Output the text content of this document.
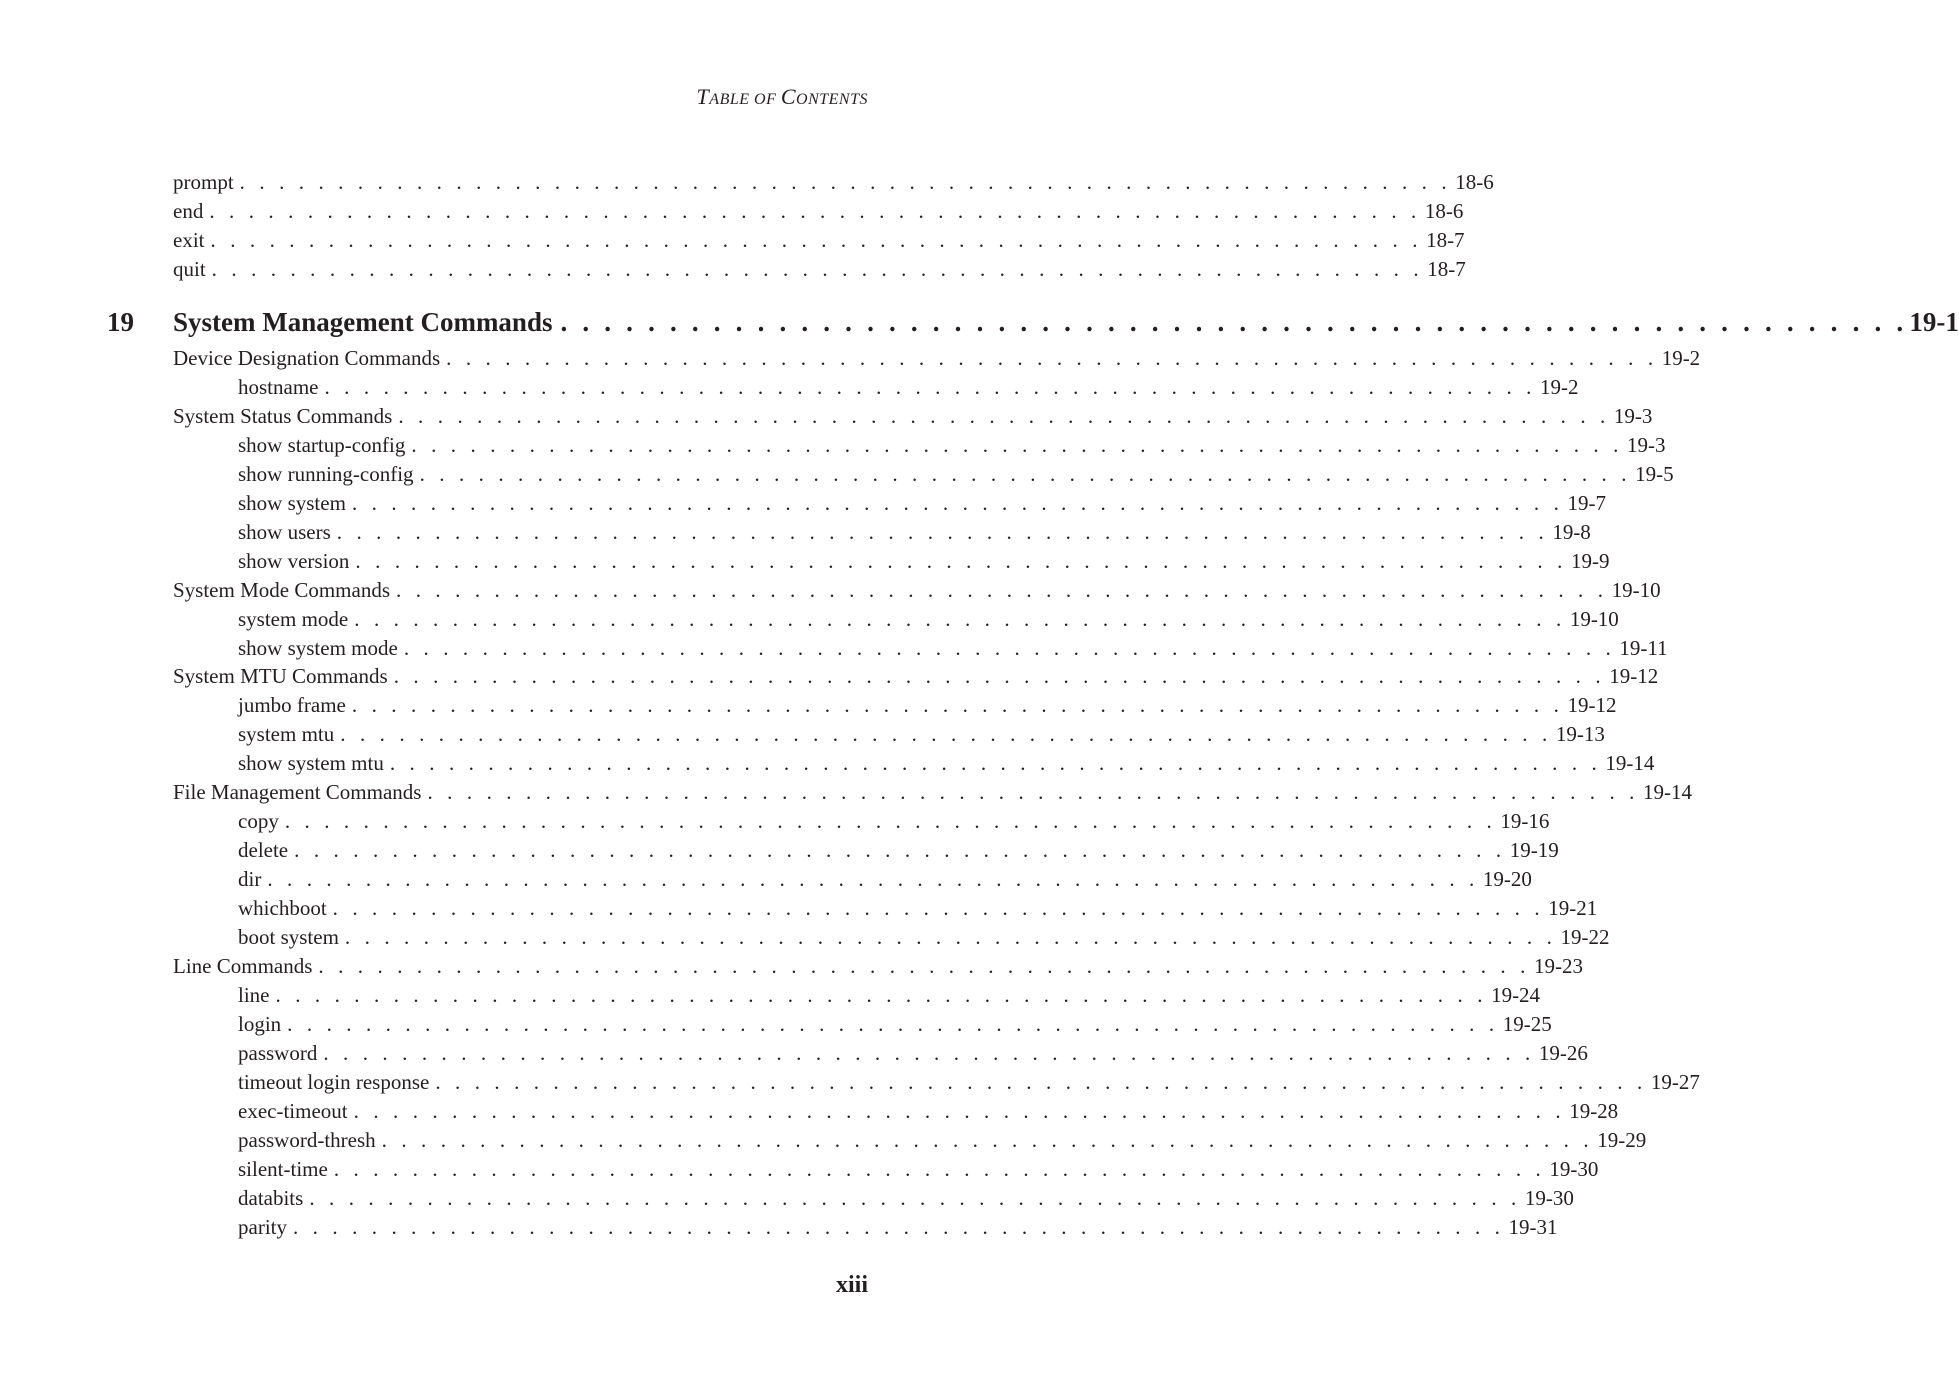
TABLE OF CONTENTS
19	System Management Commands . . . . . . . . . . . . . . . . . . . . . . . . . . . . . . . . . . . . . . . . . . . . . . . . . . . . . . . . . . . . . . 19-1
prompt . . . . . . . . . . . . . . . . . . . . . . . . . . . . . . . . . . . . . . . . . . . . . . . . . . . . . . . . . . . . . . 18-6
end . . . . . . . . . . . . . . . . . . . . . . . . . . . . . . . . . . . . . . . . . . . . . . . . . . . . . . . . . . . . . . 18-6
exit . . . . . . . . . . . . . . . . . . . . . . . . . . . . . . . . . . . . . . . . . . . . . . . . . . . . . . . . . . . . . . 18-7
quit . . . . . . . . . . . . . . . . . . . . . . . . . . . . . . . . . . . . . . . . . . . . . . . . . . . . . . . . . . . . . . 18-7
Device Designation Commands . . . . . . . . . . . . . . . . . . . . . . . . . . . . . . . . . . . . . . . . . . . . . . . . . . . . . . . . . . . . . . 19-2
hostname . . . . . . . . . . . . . . . . . . . . . . . . . . . . . . . . . . . . . . . . . . . . . . . . . . . . . . . . . . . . . . 19-2
System Status Commands . . . . . . . . . . . . . . . . . . . . . . . . . . . . . . . . . . . . . . . . . . . . . . . . . . . . . . . . . . . . . . 19-3
show startup-config . . . . . . . . . . . . . . . . . . . . . . . . . . . . . . . . . . . . . . . . . . . . . . . . . . . . . . . . . . . . . . 19-3
show running-config . . . . . . . . . . . . . . . . . . . . . . . . . . . . . . . . . . . . . . . . . . . . . . . . . . . . . . . . . . . . . . 19-5
show system . . . . . . . . . . . . . . . . . . . . . . . . . . . . . . . . . . . . . . . . . . . . . . . . . . . . . . . . . . . . . . 19-7
show users . . . . . . . . . . . . . . . . . . . . . . . . . . . . . . . . . . . . . . . . . . . . . . . . . . . . . . . . . . . . . . 19-8
show version . . . . . . . . . . . . . . . . . . . . . . . . . . . . . . . . . . . . . . . . . . . . . . . . . . . . . . . . . . . . . . 19-9
System Mode Commands . . . . . . . . . . . . . . . . . . . . . . . . . . . . . . . . . . . . . . . . . . . . . . . . . . . . . . . . . . . . . . 19-10
system mode . . . . . . . . . . . . . . . . . . . . . . . . . . . . . . . . . . . . . . . . . . . . . . . . . . . . . . . . . . . . . . 19-10
show system mode . . . . . . . . . . . . . . . . . . . . . . . . . . . . . . . . . . . . . . . . . . . . . . . . . . . . . . . . . . . . . . 19-11
System MTU Commands . . . . . . . . . . . . . . . . . . . . . . . . . . . . . . . . . . . . . . . . . . . . . . . . . . . . . . . . . . . . . . 19-12
jumbo frame . . . . . . . . . . . . . . . . . . . . . . . . . . . . . . . . . . . . . . . . . . . . . . . . . . . . . . . . . . . . . . 19-12
system mtu . . . . . . . . . . . . . . . . . . . . . . . . . . . . . . . . . . . . . . . . . . . . . . . . . . . . . . . . . . . . . . 19-13
show system mtu . . . . . . . . . . . . . . . . . . . . . . . . . . . . . . . . . . . . . . . . . . . . . . . . . . . . . . . . . . . . . . 19-14
File Management Commands . . . . . . . . . . . . . . . . . . . . . . . . . . . . . . . . . . . . . . . . . . . . . . . . . . . . . . . . . . . . . . 19-14
copy . . . . . . . . . . . . . . . . . . . . . . . . . . . . . . . . . . . . . . . . . . . . . . . . . . . . . . . . . . . . . . 19-16
delete . . . . . . . . . . . . . . . . . . . . . . . . . . . . . . . . . . . . . . . . . . . . . . . . . . . . . . . . . . . . . . 19-19
dir . . . . . . . . . . . . . . . . . . . . . . . . . . . . . . . . . . . . . . . . . . . . . . . . . . . . . . . . . . . . . . 19-20
whichboot . . . . . . . . . . . . . . . . . . . . . . . . . . . . . . . . . . . . . . . . . . . . . . . . . . . . . . . . . . . . . . 19-21
boot system . . . . . . . . . . . . . . . . . . . . . . . . . . . . . . . . . . . . . . . . . . . . . . . . . . . . . . . . . . . . . . 19-22
Line Commands . . . . . . . . . . . . . . . . . . . . . . . . . . . . . . . . . . . . . . . . . . . . . . . . . . . . . . . . . . . . . . 19-23
line . . . . . . . . . . . . . . . . . . . . . . . . . . . . . . . . . . . . . . . . . . . . . . . . . . . . . . . . . . . . . . 19-24
login . . . . . . . . . . . . . . . . . . . . . . . . . . . . . . . . . . . . . . . . . . . . . . . . . . . . . . . . . . . . . . 19-25
password . . . . . . . . . . . . . . . . . . . . . . . . . . . . . . . . . . . . . . . . . . . . . . . . . . . . . . . . . . . . . . 19-26
timeout login response . . . . . . . . . . . . . . . . . . . . . . . . . . . . . . . . . . . . . . . . . . . . . . . . . . . . . . . . . . . . . . 19-27
exec-timeout . . . . . . . . . . . . . . . . . . . . . . . . . . . . . . . . . . . . . . . . . . . . . . . . . . . . . . . . . . . . . . 19-28
password-thresh . . . . . . . . . . . . . . . . . . . . . . . . . . . . . . . . . . . . . . . . . . . . . . . . . . . . . . . . . . . . . . 19-29
silent-time . . . . . . . . . . . . . . . . . . . . . . . . . . . . . . . . . . . . . . . . . . . . . . . . . . . . . . . . . . . . . . 19-30
databits . . . . . . . . . . . . . . . . . . . . . . . . . . . . . . . . . . . . . . . . . . . . . . . . . . . . . . . . . . . . . . 19-30
parity . . . . . . . . . . . . . . . . . . . . . . . . . . . . . . . . . . . . . . . . . . . . . . . . . . . . . . . . . . . . . . 19-31
xiii
